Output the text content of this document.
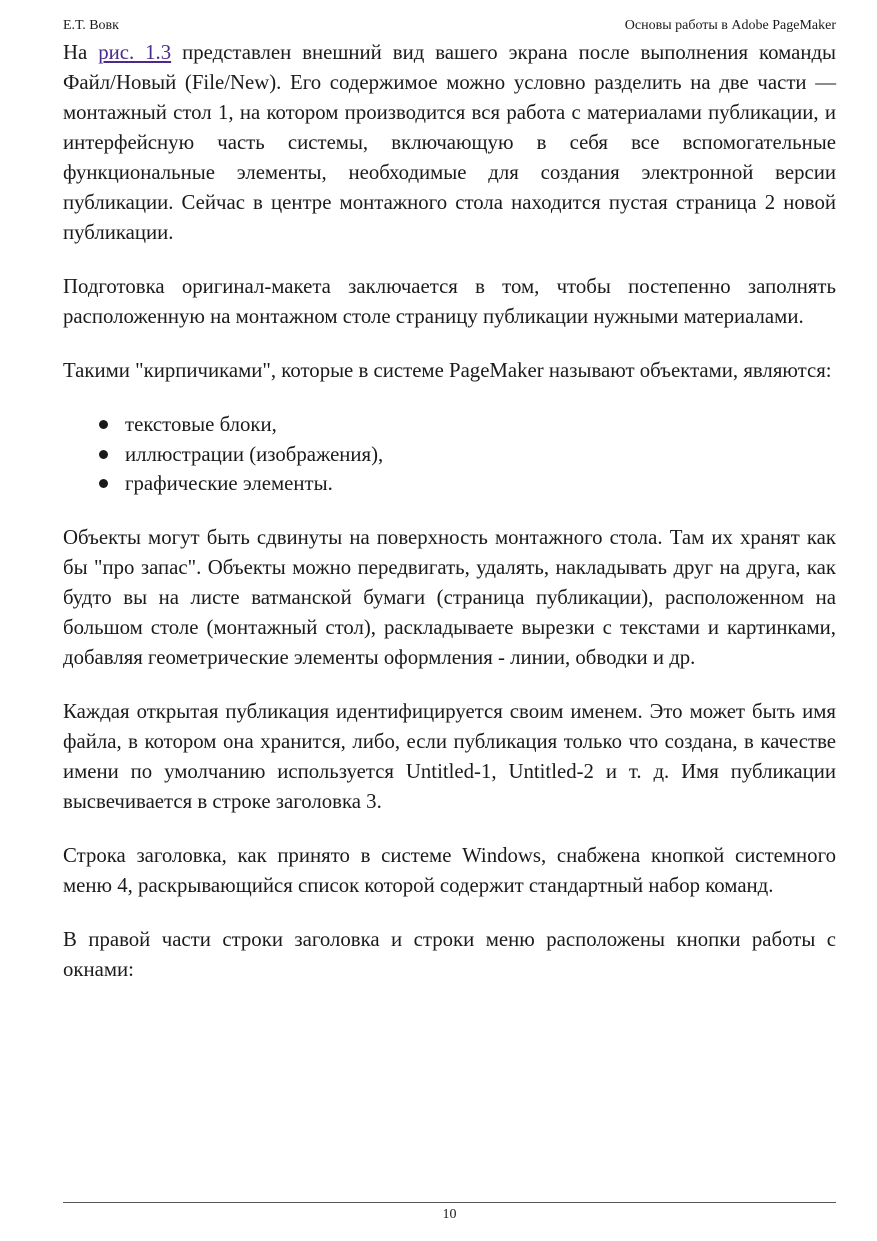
Е.Т. Вовк	Основы работы в Adobe PageMaker

На рис. 1.3 представлен внешний вид вашего экрана после выполнения команды Файл/Новый (File/New). Его содержимое можно условно разделить на две части — монтажный стол 1, на котором производится вся работа с материалами публикации, и интерфейсную часть системы, включающую в себя все вспомогательные функциональные элементы, необходимые для создания электронной версии публикации. Сейчас в центре монтажного стола находится пустая страница 2 новой публикации.

Подготовка оригинал-макета заключается в том, чтобы постепенно заполнять расположенную на монтажном столе страницу публикации нужными материалами.

Такими "кирпичиками", которые в системе PageMaker называют объектами, являются:

текстовые блоки,
иллюстрации (изображения),
графические элементы.

Объекты могут быть сдвинуты на поверхность монтажного стола. Там их хранят как бы "про запас". Объекты можно передвигать, удалять, накладывать друг на друга, как будто вы на листе ватманской бумаги (страница публикации), расположенном на большом столе (монтажный стол), раскладываете вырезки с текстами и картинками, добавляя геометрические элементы оформления - линии, обводки и др.

Каждая открытая публикация идентифицируется своим именем. Это может быть имя файла, в котором она хранится, либо, если публикация только что создана, в качестве имени по умолчанию используется Untitled-1, Untitled-2 и т. д. Имя публикации высвечивается в строке заголовка 3.

Строка заголовка, как принято в системе Windows, снабжена кнопкой системного меню 4, раскрывающийся список которой содержит стандартный набор команд.

В правой части строки заголовка и строки меню расположены кнопки работы с окнами:

10
